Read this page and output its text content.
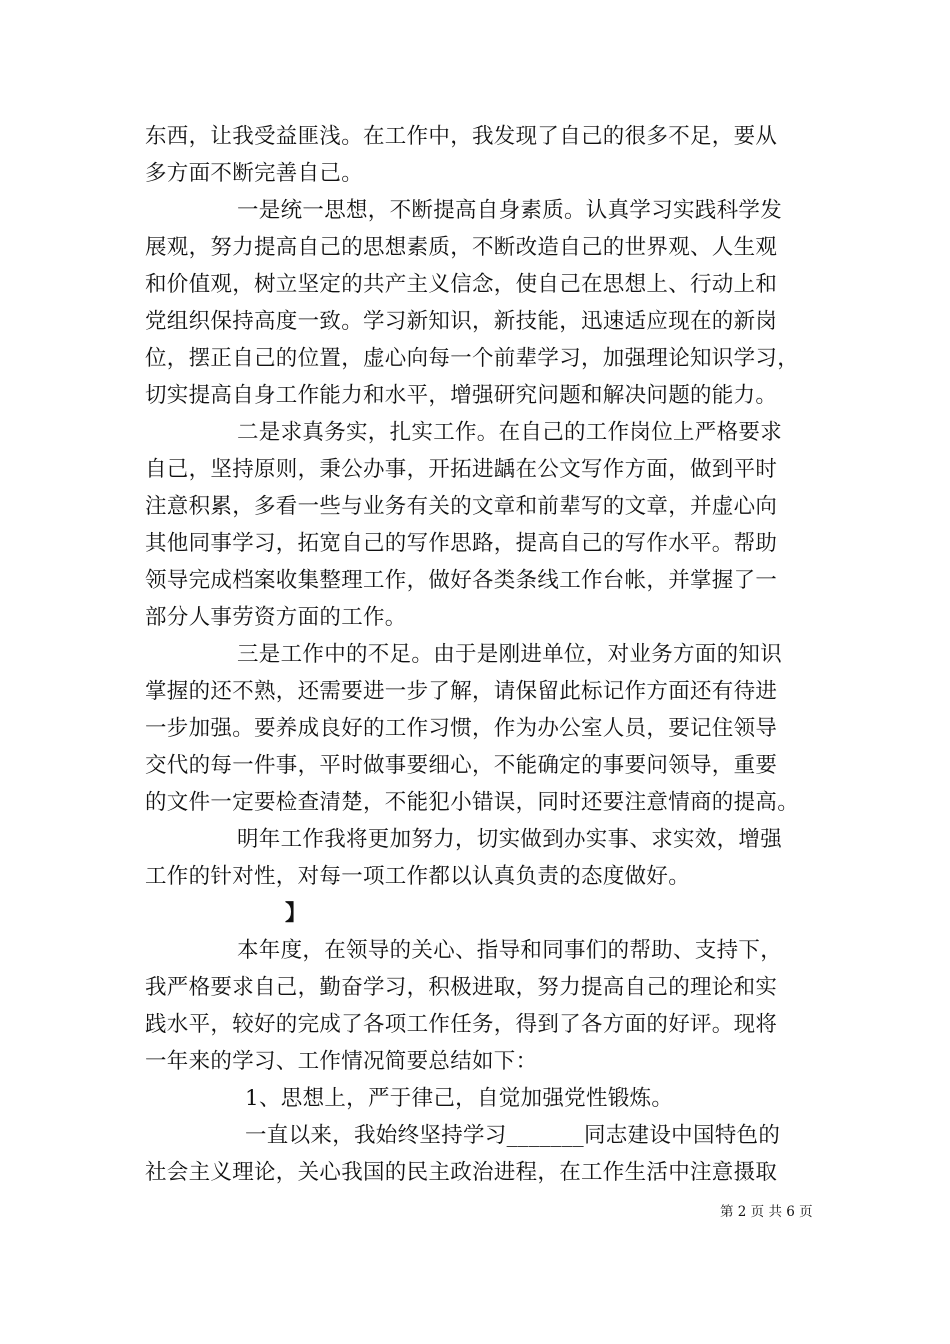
东西，让我受益匪浅。在工作中，我发现了自己的很多不足，要从
多方面不断完善自己。
一是统一思想，不断提高自身素质。认真学习实践科学发
展观，努力提高自己的思想素质，不断改造自己的世界观、人生观
和价值观，树立坚定的共产主义信念，使自己在思想上、行动上和
党组织保持高度一致。学习新知识，新技能，迅速适应现在的新岗
位，摆正自己的位置，虚心向每一个前辈学习，加强理论知识学习，
切实提高自身工作能力和水平，增强研究问题和解决问题的能力。
二是求真务实，扎实工作。在自己的工作岗位上严格要求
自己，坚持原则，秉公办事，开拓进龋在公文写作方面，做到平时
注意积累，多看一些与业务有关的文章和前辈写的文章，并虚心向
其他同事学习，拓宽自己的写作思路，提高自己的写作水平。帮助
领导完成档案收集整理工作，做好各类条线工作台帐，并掌握了一
部分人事劳资方面的工作。
三是工作中的不足。由于是刚进单位，对业务方面的知识
掌握的还不熟，还需要进一步了解，请保留此标记作方面还有待进
一步加强。要养成良好的工作习惯，作为办公室人员，要记住领导
交代的每一件事，平时做事要细心，不能确定的事要问领导，重要
的文件一定要检查清楚，不能犯小错误，同时还要注意情商的提高。
明年工作我将更加努力，切实做到办实事、求实效，增强
工作的针对性，对每一项工作都以认真负责的态度做好。
】
本年度，在领导的关心、指导和同事们的帮助、支持下，
我严格要求自己，勤奋学习，积极进取，努力提高自己的理论和实
践水平，较好的完成了各项工作任务，得到了各方面的好评。现将
一年来的学习、工作情况简要总结如下：
1、思想上，严于律己，自觉加强党性锻炼。
一直以来，我始终坚持学习_______同志建设中国特色的
社会主义理论，关心我国的民主政治进程，在工作生活中注意摄取
第 2 页 共 6 页
